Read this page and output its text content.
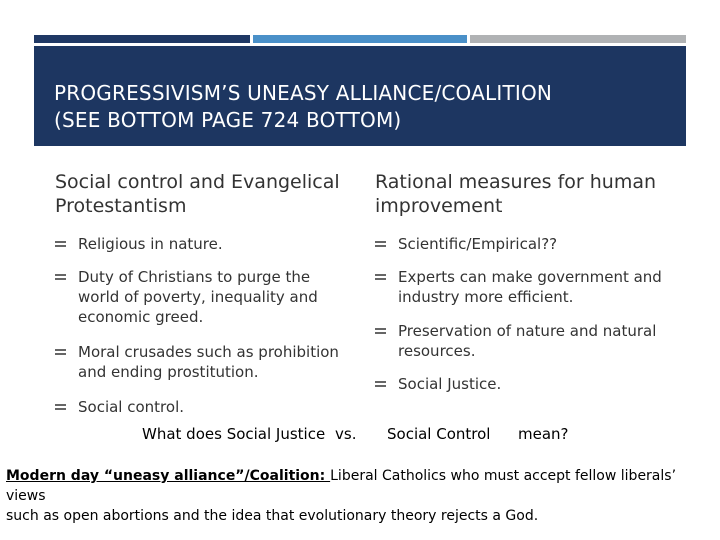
PROGRESSIVISM’S UNEASY ALLIANCE/COALITION
(SEE BOTTOM PAGE 724 BOTTOM)
Social control and Evangelical
Protestantism
Rational measures for human
improvement
Religious in nature.
Duty of Christians to purge the
world of poverty, inequality and
economic greed.
Moral crusades such as prohibition
and ending prostitution.
Social control.
Scientific/Empirical??
Experts can make government and
industry more efficient.
Preservation of nature and natural
resources.
Social Justice.
What does Social Justice vs. Social Control mean?
Modern day “uneasy alliance”/Coalition: Liberal Catholics who must accept fellow liberals’ views
such as open abortions and the idea that evolutionary theory rejects a God.
